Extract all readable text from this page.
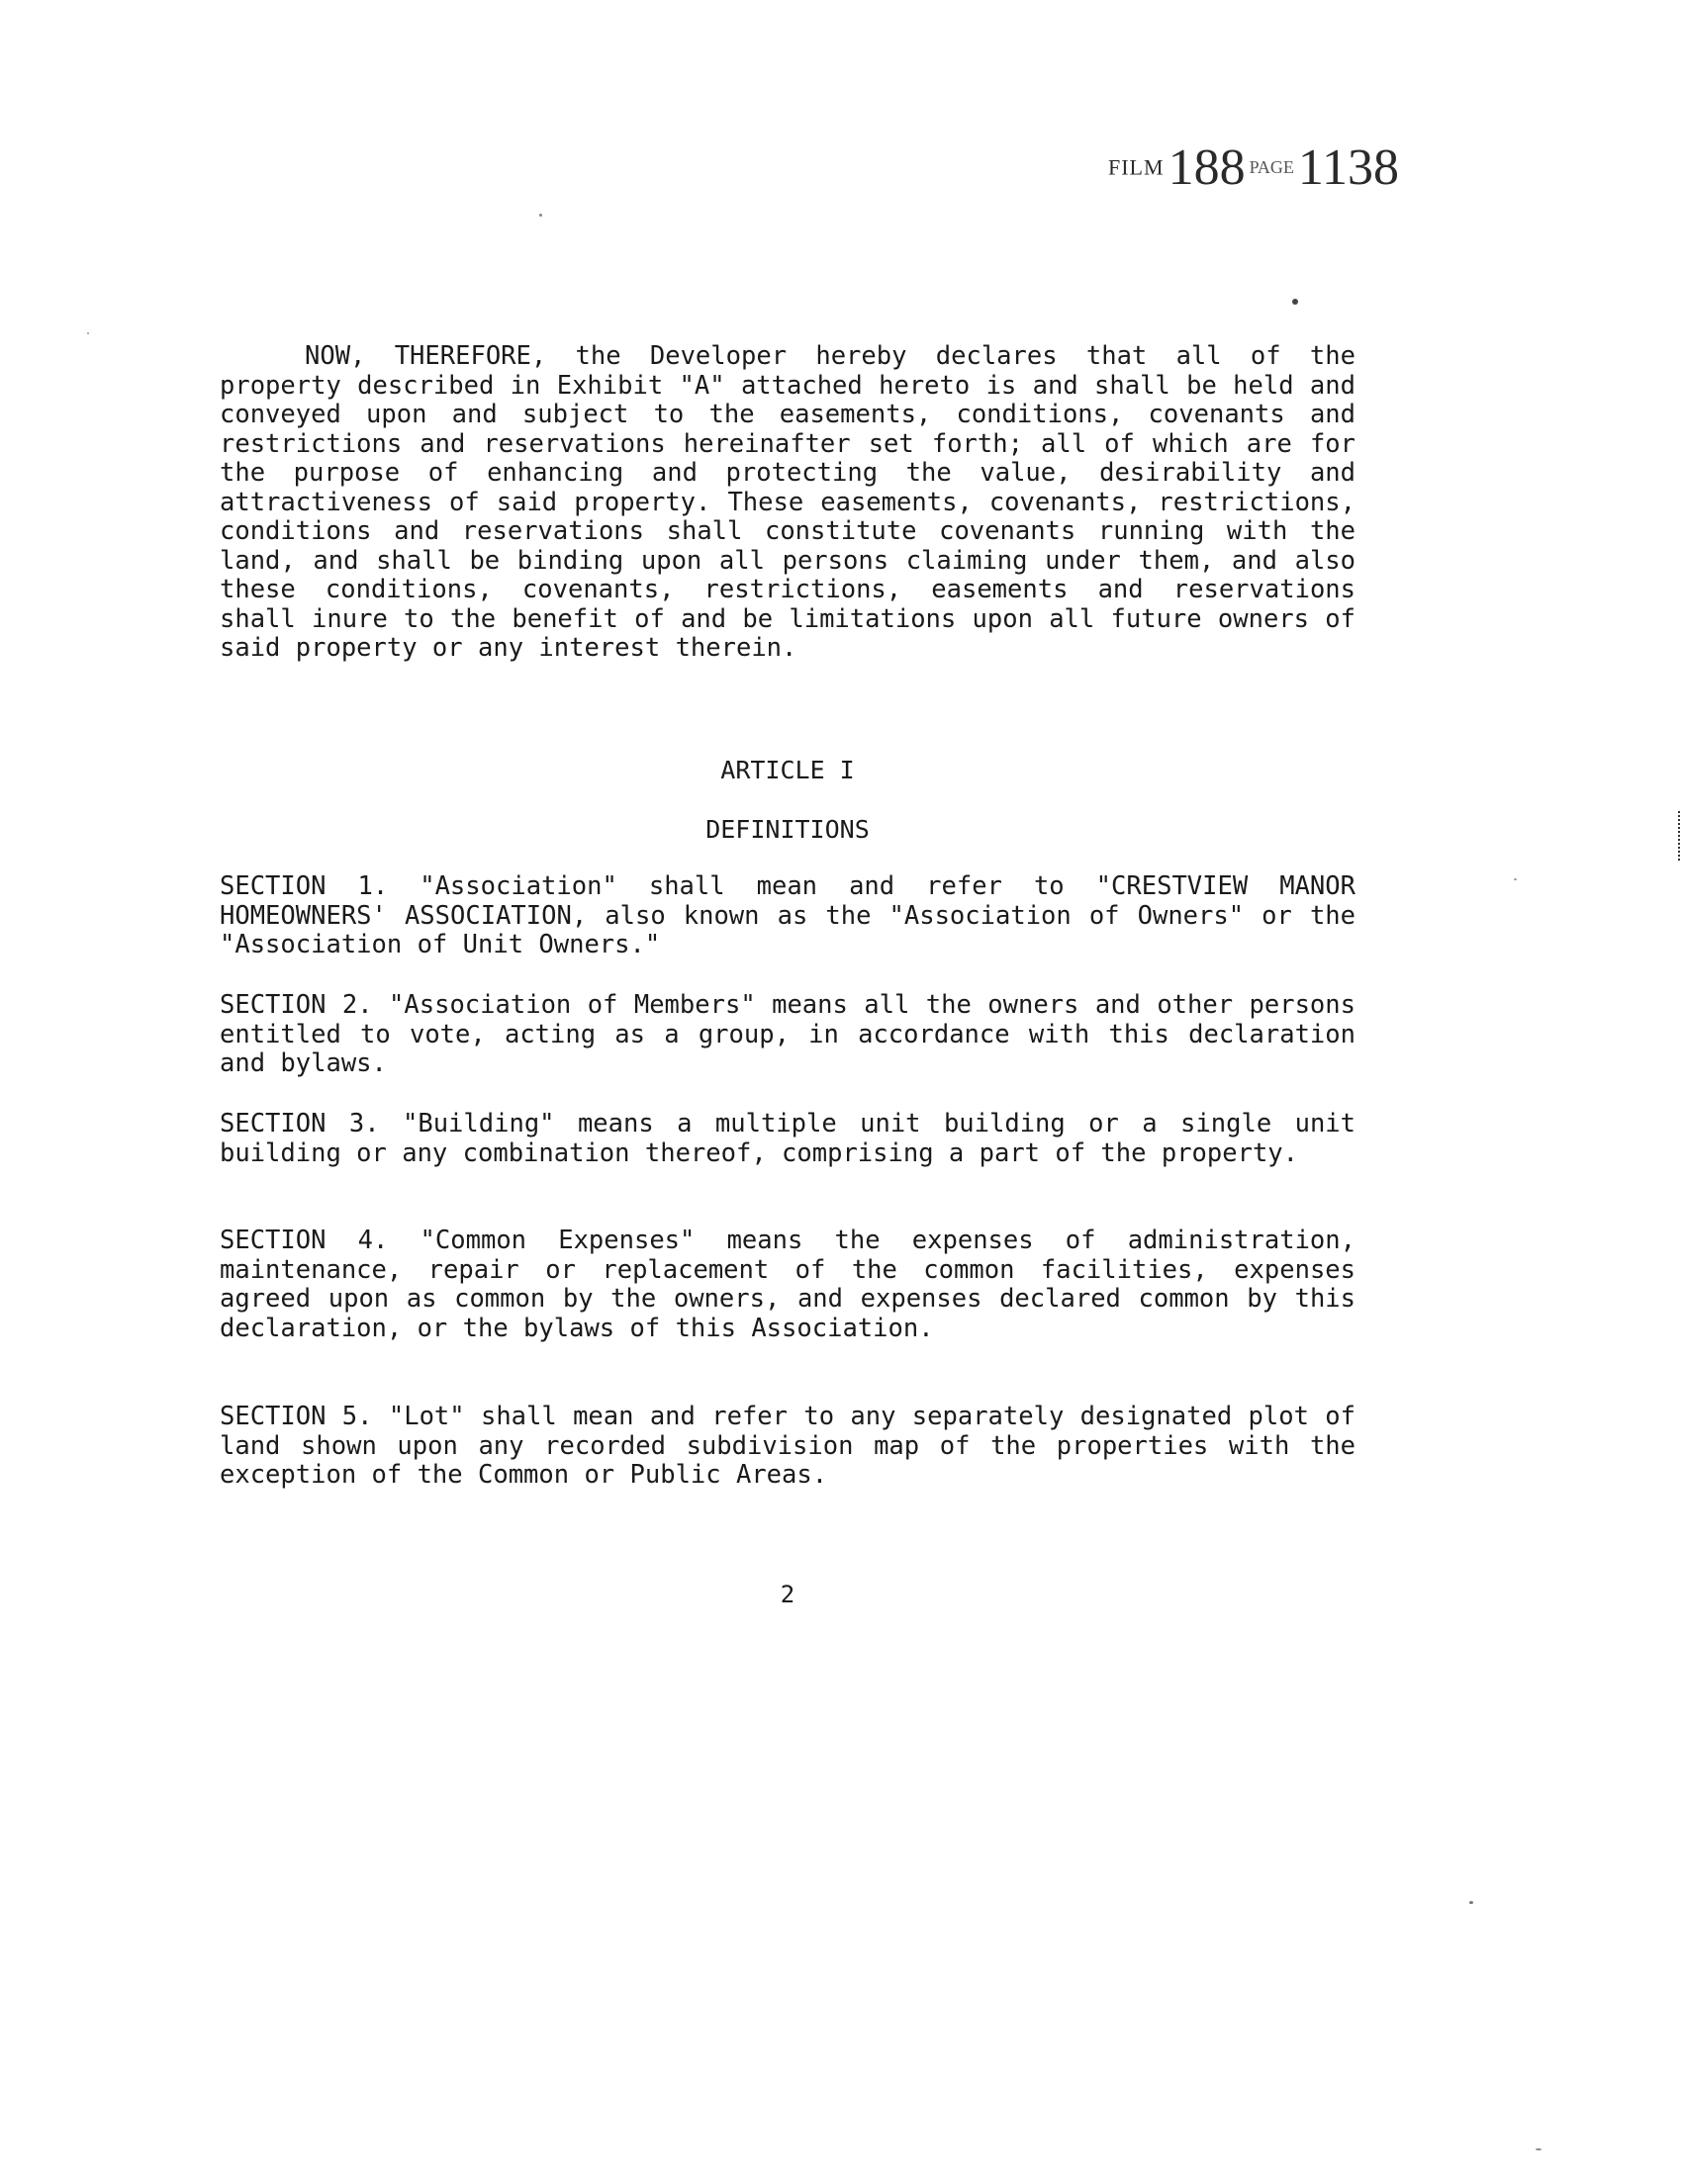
FILM 188 PAGE 1138

NOW, THEREFORE, the Developer hereby declares that all of the property described in Exhibit "A" attached hereto is and shall be held and conveyed upon and subject to the easements, conditions, covenants and restrictions and reservations hereinafter set forth; all of which are for the purpose of enhancing and protecting the value, desirability and attractiveness of said property. These easements, covenants, restrictions, conditions and reservations shall constitute covenants running with the land, and shall be binding upon all persons claiming under them, and also these conditions, covenants, restrictions, easements and reservations shall inure to the benefit of and be limitations upon all future owners of said property or any interest therein.

ARTICLE I

DEFINITIONS

SECTION 1. "Association" shall mean and refer to "CRESTVIEW MANOR HOMEOWNERS' ASSOCIATION, also known as the "Association of Owners" or the "Association of Unit Owners."

SECTION 2. "Association of Members" means all the owners and other persons entitled to vote, acting as a group, in accordance with this declaration and bylaws.

SECTION 3. "Building" means a multiple unit building or a single unit building or any combination thereof, comprising a part of the property.

SECTION 4. "Common Expenses" means the expenses of administration, maintenance, repair or replacement of the common facilities, expenses agreed upon as common by the owners, and expenses declared common by this declaration, or the bylaws of this Association.

SECTION 5. "Lot" shall mean and refer to any separately designated plot of land shown upon any recorded subdivision map of the properties with the exception of the Common or Public Areas.

2
